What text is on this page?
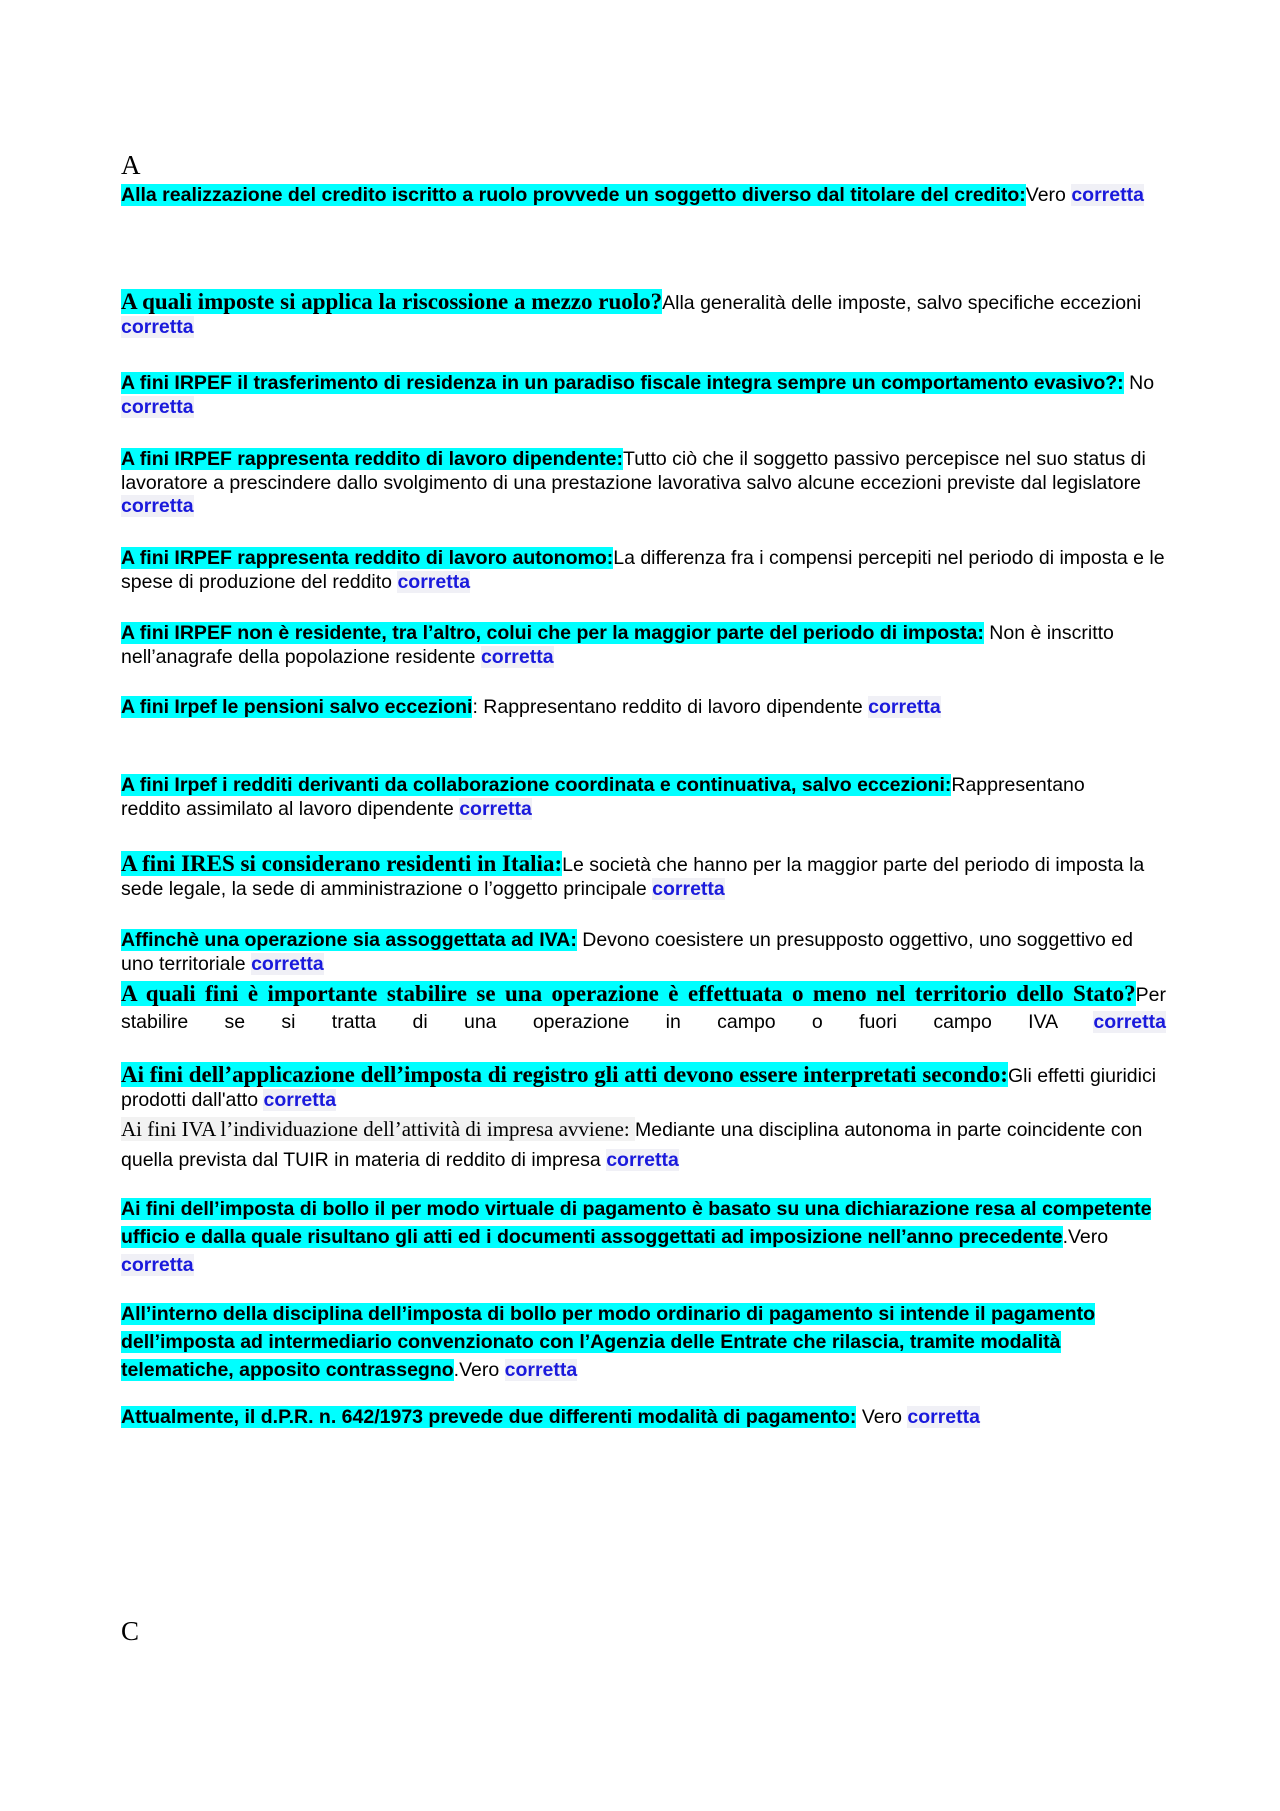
A

Alla realizzazione del credito iscritto a ruolo provvede un soggetto diverso dal titolare del credito:Vero corretta

A quali imposte si applica la riscossione a mezzo ruolo?Alla generalità delle imposte, salvo specifiche eccezioni corretta

A fini IRPEF il trasferimento di residenza in un paradiso fiscale integra sempre un comportamento evasivo?: No corretta

A fini IRPEF rappresenta reddito di lavoro dipendente:Tutto ciò che il soggetto passivo percepisce nel suo status di lavoratore a prescindere dallo svolgimento di una prestazione lavorativa salvo alcune eccezioni previste dal legislatore corretta

A fini IRPEF rappresenta reddito di lavoro autonomo:La differenza fra i compensi percepiti nel periodo di imposta e le spese di produzione del reddito corretta

A fini IRPEF non è residente, tra l’altro, colui che per la maggior parte del periodo di imposta: Non è inscritto nell’anagrafe della popolazione residente corretta

A fini Irpef le pensioni salvo eccezioni: Rappresentano reddito di lavoro dipendente corretta

A fini Irpef i redditi derivanti da collaborazione coordinata e continuativa, salvo eccezioni:Rappresentano reddito assimilato al lavoro dipendente corretta

A fini IRES si considerano residenti in Italia:Le società che hanno per la maggior parte del periodo di imposta la sede legale, la sede di amministrazione o l’oggetto principale corretta

Affinchè una operazione sia assoggettata ad IVA: Devono coesistere un presupposto oggettivo, uno soggettivo ed uno territoriale corretta

A quali fini è importante stabilire se una operazione è effettuata o meno nel territorio dello Stato?Per stabilire se si tratta di una operazione in campo o fuori campo IVA corretta

Ai fini dell’applicazione dell’imposta di registro gli atti devono essere interpretati secondo:Gli effetti giuridici prodotti dall'atto corretta

Ai fini IVA l’individuazione dell’attività di impresa avviene: Mediante una disciplina autonoma in parte coincidente con quella prevista dal TUIR in materia di reddito di impresa corretta

Ai fini dell’imposta di bollo il per modo virtuale di pagamento è basato su una dichiarazione resa al competente ufficio e dalla quale risultano gli atti ed i documenti assoggettati ad imposizione nell’anno precedente.Vero corretta

All’interno della disciplina dell’imposta di bollo per modo ordinario di pagamento si intende il pagamento dell’imposta ad intermediario convenzionato con l’Agenzia delle Entrate che rilascia, tramite modalità telematiche, apposito contrassegno.Vero corretta

Attualmente, il d.P.R. n. 642/1973 prevede due differenti modalità di pagamento: Vero corretta

C
